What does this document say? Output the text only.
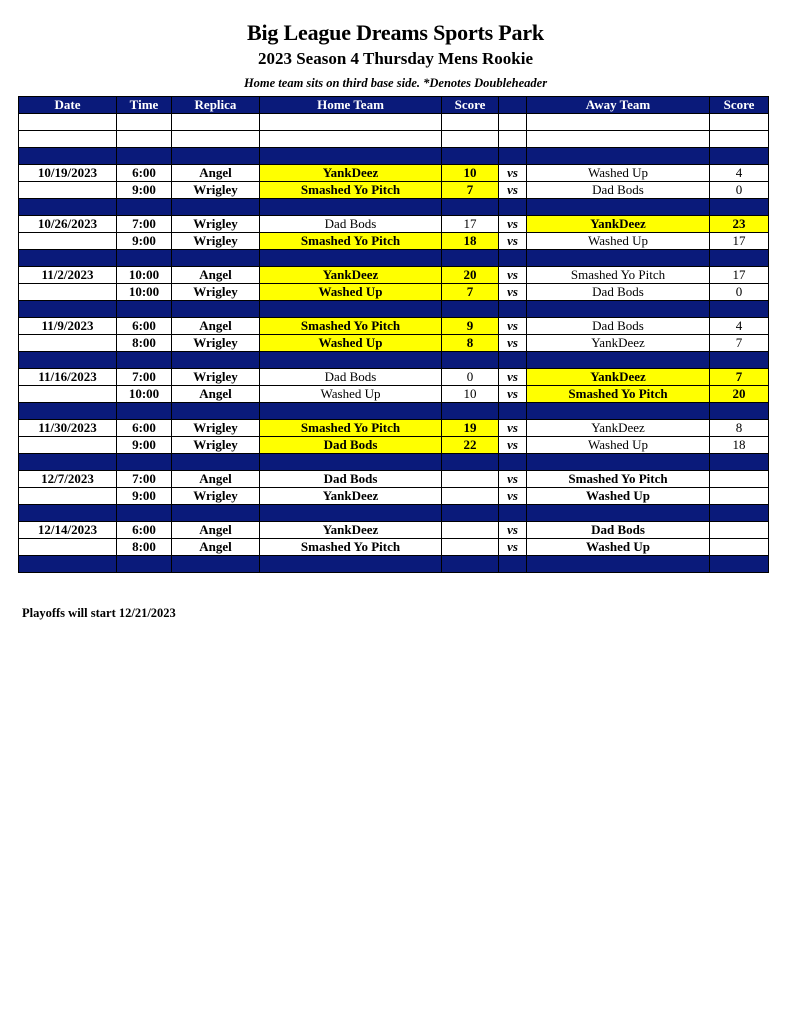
Big League Dreams Sports Park
2023 Season 4 Thursday Mens Rookie
Home team sits on third base side. *Denotes Doubleheader
Date	Time	Replica	Home Team	Score		Away Team	Score

10/19/2023	6:00	Angel	YankDeez	10	vs	Washed Up	4
	9:00	Wrigley	Smashed Yo Pitch	7	vs	Dad Bods	0

10/26/2023	7:00	Wrigley	Dad Bods	17	vs	YankDeez	23
	9:00	Wrigley	Smashed Yo Pitch	18	vs	Washed Up	17

11/2/2023	10:00	Angel	YankDeez	20	vs	Smashed Yo Pitch	17
	10:00	Wrigley	Washed Up	7	vs	Dad Bods	0

11/9/2023	6:00	Angel	Smashed Yo Pitch	9	vs	Dad Bods	4
	8:00	Wrigley	Washed Up	8	vs	YankDeez	7

11/16/2023	7:00	Wrigley	Dad Bods	0	vs	YankDeez	7
	10:00	Angel	Washed Up	10	vs	Smashed Yo Pitch	20

11/30/2023	6:00	Wrigley	Smashed Yo Pitch	19	vs	YankDeez	8
	9:00	Wrigley	Dad Bods	22	vs	Washed Up	18

12/7/2023	7:00	Angel	Dad Bods		vs	Smashed Yo Pitch	
	9:00	Wrigley	YankDeez		vs	Washed Up	

12/14/2023	6:00	Angel	YankDeez		vs	Dad Bods	
	8:00	Angel	Smashed Yo Pitch		vs	Washed Up	

Playoffs will start 12/21/2023
